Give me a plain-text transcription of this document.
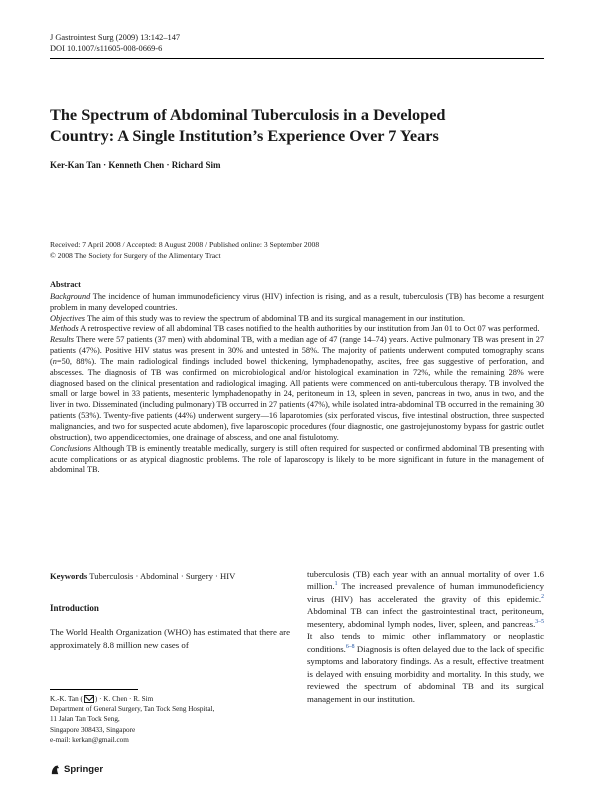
J Gastrointest Surg (2009) 13:142–147
DOI 10.1007/s11605-008-0669-6
The Spectrum of Abdominal Tuberculosis in a Developed
Country: A Single Institution’s Experience Over 7 Years
Ker-Kan Tan · Kenneth Chen · Richard Sim
Received: 7 April 2008 / Accepted: 8 August 2008 / Published online: 3 September 2008
© 2008 The Society for Surgery of the Alimentary Tract
Abstract

Background The incidence of human immunodeficiency virus (HIV) infection is rising, and as a result, tuberculosis (TB) has become a resurgent problem in many developed countries.

Objectives The aim of this study was to review the spectrum of abdominal TB and its surgical management in our institution.

Methods A retrospective review of all abdominal TB cases notified to the health authorities by our institution from Jan 01 to Oct 07 was performed.

Results There were 57 patients (37 men) with abdominal TB, with a median age of 47 (range 14–74) years. Active pulmonary TB was present in 27 patients (47%). Positive HIV status was present in 30% and untested in 58%. The majority of patients underwent computed tomography scans (n=50, 88%). The main radiological findings included bowel thickening, lymphadenopathy, ascites, free gas suggestive of perforation, and abscesses. The diagnosis of TB was confirmed on microbiological and/or histological examination in 72%, while the remaining 28% were diagnosed based on the clinical presentation and radiological imaging. All patients were commenced on anti-tuberculous therapy. TB involved the small or large bowel in 33 patients, mesenteric lymphadenopathy in 24, peritoneum in 13, spleen in seven, pancreas in two, anus in two, and the liver in two. Disseminated (including pulmonary) TB occurred in 27 patients (47%), while isolated intra-abdominal TB occurred in the remaining 30 patients (53%). Twenty-five patients (44%) underwent surgery—16 laparotomies (six perforated viscus, five intestinal obstruction, three suspected malignancies, and two for suspected acute abdomen), five laparoscopic procedures (four diagnostic, one gastrojejunostomy bypass for gastric outlet obstruction), two appendicectomies, one drainage of abscess, and one anal fistulotomy.

Conclusions Although TB is eminently treatable medically, surgery is still often required for suspected or confirmed abdominal TB presenting with acute complications or as atypical diagnostic problems. The role of laparoscopy is likely to be more significant in future in the management of abdominal TB.

Keywords Tuberculosis · Abdominal · Surgery · HIV
Introduction

The World Health Organization (WHO) has estimated that there are approximately 8.8 million new cases of

K.-K. Tan ( ) · K. Chen · R. Sim
Department of General Surgery, Tan Tock Seng Hospital,
11 Jalan Tan Tock Seng,
Singapore 308433, Singapore
e-mail: kerkan@gmail.com

tuberculosis (TB) each year with an annual mortality of over 1.6 million.$^1$ The increased prevalence of human immunodeficiency virus (HIV) has accelerated the gravity of this epidemic.$^2$ Abdominal TB can infect the gastrointestinal tract, peritoneum, mesentery, abdominal lymph nodes, liver, spleen, and pancreas.$^{3-5}$ It also tends to mimic other inflammatory or neoplastic conditions.$^{6-8}$ Diagnosis is often delayed due to the lack of specific symptoms and laboratory findings. As a result, effective treatment is delayed with ensuing morbidity and mortality. In this study, we reviewed the spectrum of abdominal TB and its surgical management in our institution.

Springer
